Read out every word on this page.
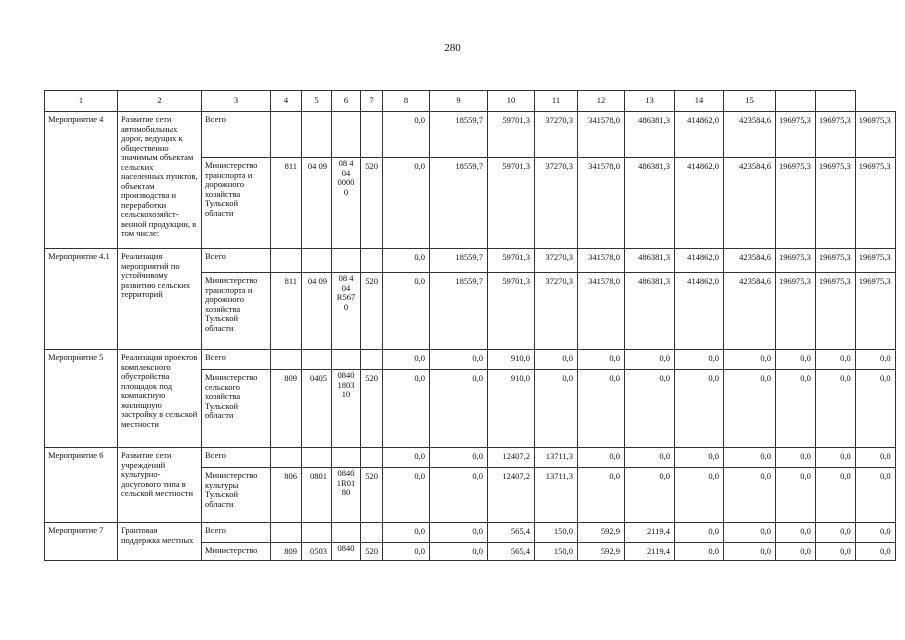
280
1	2	3	4	5	6	7	8	9	10	11	12	13	14	15			
Мероприятие 4	Развитие сети автомобильных дорог, ведущих к общественно значимым объектам сельских населенных пунктов, объектам производства и переработки сельскохозяйст-венной продукции, в том числе:	Всего					0,0	18559,7	59701,3	37270,3	341578,0	486381,3	414862,0	423584,6	196975,3	196975,3	196975,3
		Министерство транспорта и дорожного хозяйства Тульской области	811	04 09	08 4 04 0000 0	520	0,0	18559,7	59701,3	37270,3	341578,0	486381,3	414862,0	423584,6	196975,3	196975,3	196975,3
Мероприятие 4.1	Реализация мероприятий по устойчивому развитию сельских территорий	Всего					0,0	18559,7	59701,3	37270,3	341578,0	486381,3	414862,0	423584,6	196975,3	196975,3	196975,3
		Министерство транспорта и дорожного хозяйства Тульской области	811	04 09	08 4 04 R567 0	520	0,0	18559,7	59701,3	37270,3	341578,0	486381,3	414862,0	423584,6	196975,3	196975,3	196975,3
Мероприятие 5	Реализация проектов комплексного обустройства площадок под компактную жилищную застройку в сельской местности	Всего					0,0	0,0	910,0	0,0	0,0	0,0	0,0	0,0	0,0	0,0	0,0
		Министерство сельского хозяйства Тульской области	809	0405	0840 1803 10	520	0,0	0,0	910,0	0,0	0,0	0,0	0,0	0,0	0,0	0,0	0,0
Мероприятие 6	Развитие сети учреждений культурно-досугового типа в сельской местности	Всего					0,0	0,0	12407,2	13711,3	0,0	0,0	0,0	0,0	0,0	0,0	0,0
		Министерство культуры Тульской области	806	0801	0840 1R01 80	520	0,0	0,0	12407,2	13711,3	0,0	0,0	0,0	0,0	0,0	0,0	0,0
Мероприятие 7	Грантовая поддержка местных	Всего					0,0	0,0	565,4	150,0	592,9	2119,4	0,0	0,0	0,0	0,0	0,0
		Министерство	809	0503	0840	520	0,0	0,0	565,4	150,0	592,9	2119,4	0,0	0,0	0,0	0,0	0,0
